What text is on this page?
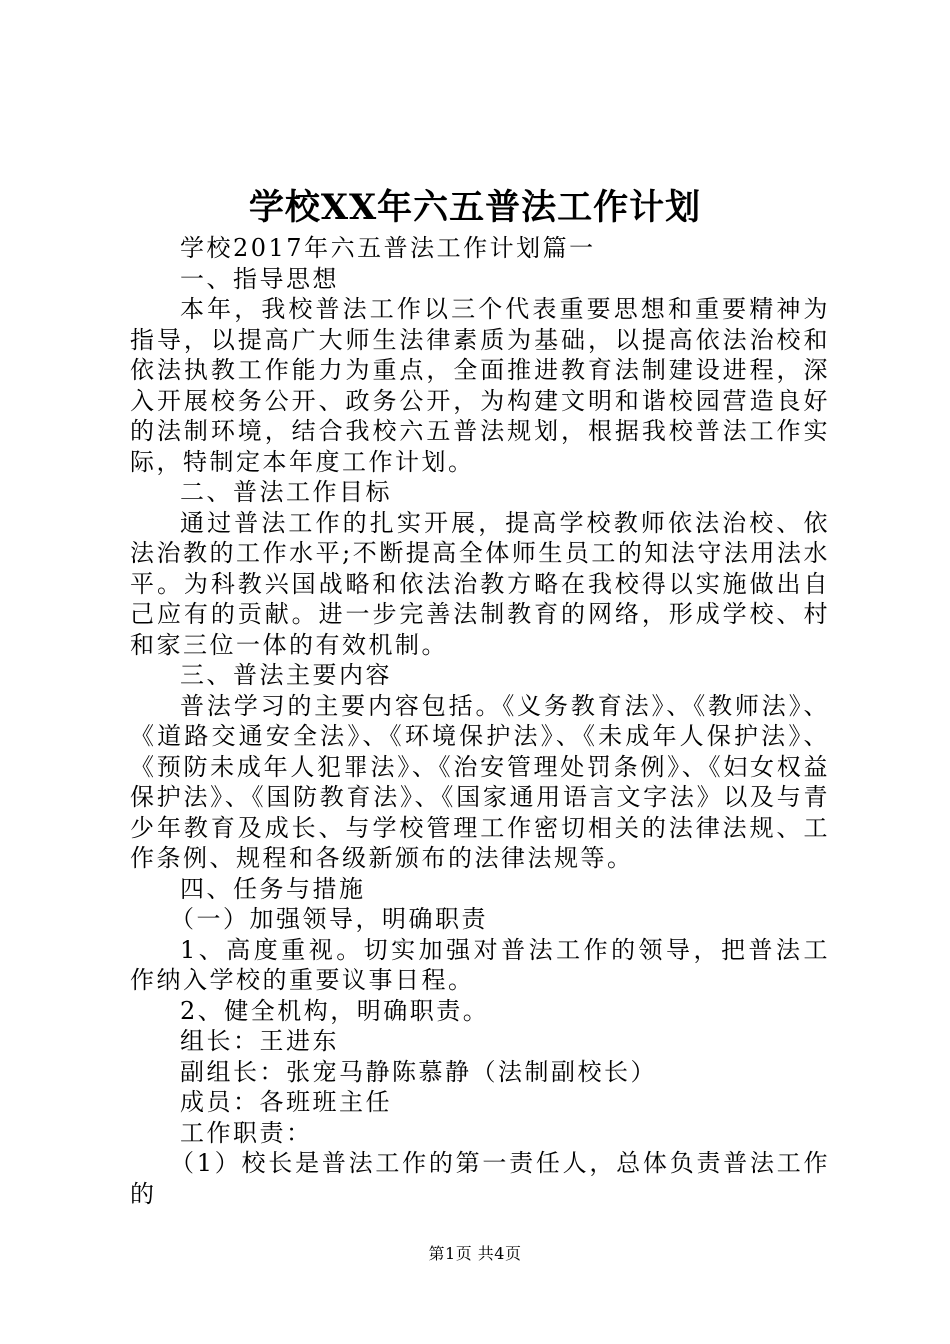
学校XX年六五普法工作计划

学校2017年六五普法工作计划篇一

一、指导思想

本年，我校普法工作以三个代表重要思想和重要精神为指导，以提高广大师生法律素质为基础，以提高依法治校和依法执教工作能力为重点，全面推进教育法制建设进程，深入开展校务公开、政务公开，为构建文明和谐校园营造良好的法制环境，结合我校六五普法规划，根据我校普法工作实际，特制定本年度工作计划。

二、普法工作目标

通过普法工作的扎实开展，提高学校教师依法治校、依法治教的工作水平;不断提高全体师生员工的知法守法用法水平。为科教兴国战略和依法治教方略在我校得以实施做出自己应有的贡献。进一步完善法制教育的网络，形成学校、村和家三位一体的有效机制。

三、普法主要内容

普法学习的主要内容包括。《义务教育法》、《教师法》、《道路交通安全法》、《环境保护法》、《未成年人保护法》、《预防未成年人犯罪法》、《治安管理处罚条例》、《妇女权益保护法》、《国防教育法》、《国家通用语言文字法》以及与青少年教育及成长、与学校管理工作密切相关的法律法规、工作条例、规程和各级新颁布的法律法规等。

四、任务与措施

（一）加强领导，明确职责

1、高度重视。切实加强对普法工作的领导，把普法工作纳入学校的重要议事日程。

2、健全机构，明确职责。

组长：王进东

副组长：张宠马静陈慕静（法制副校长）

成员：各班班主任

工作职责：

（1）校长是普法工作的第一责任人，总体负责普法工作的

第1页 共4页
